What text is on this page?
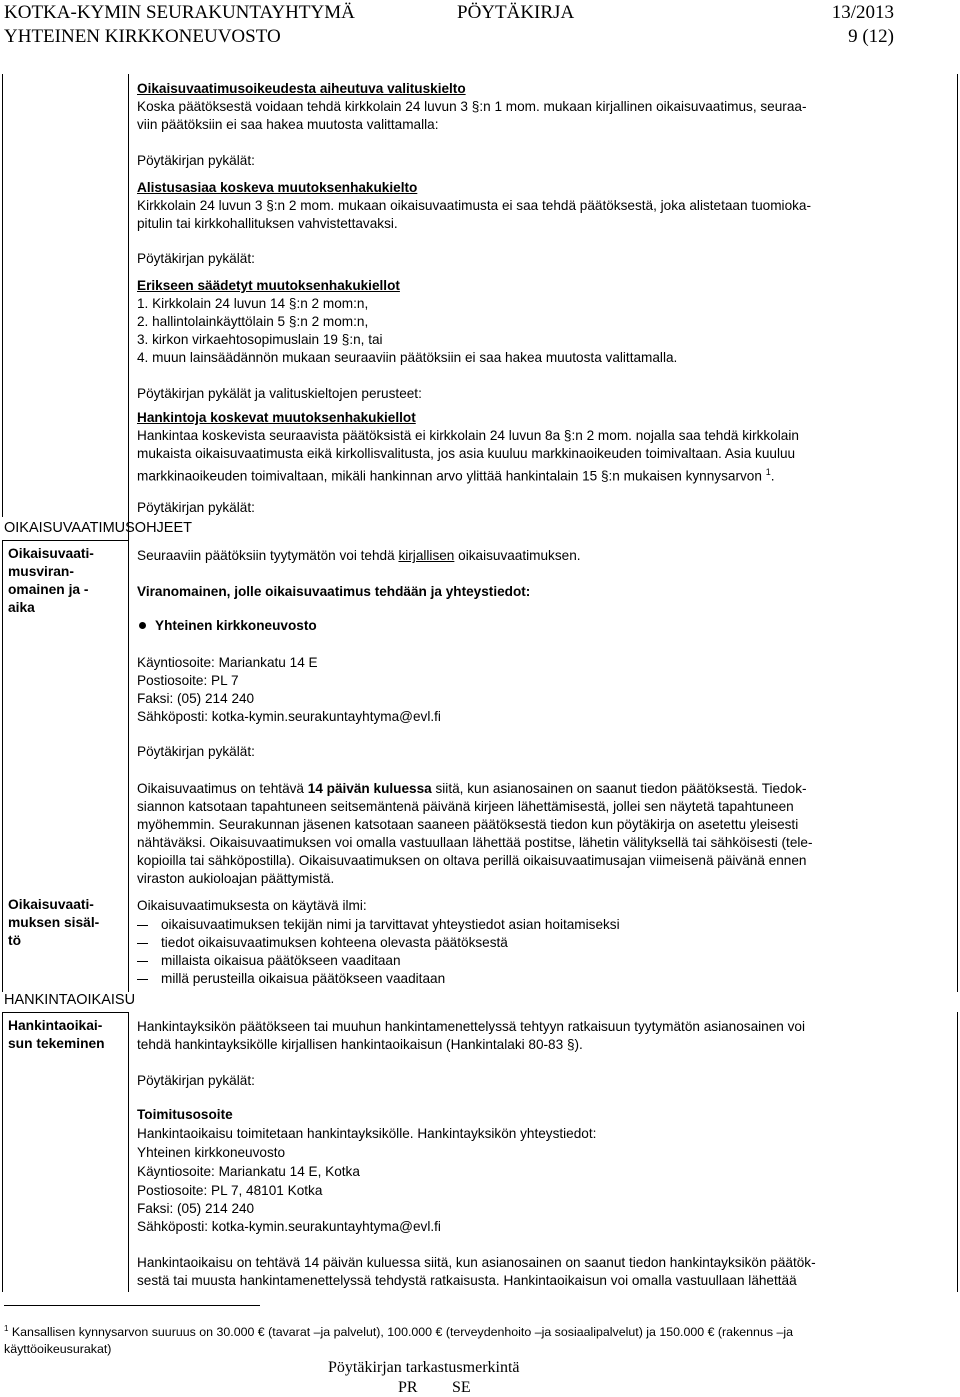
KOTKA-KYMIN SEURAKUNTAYHTYMÄ	PÖYTÄKIRJA	13/2013
YHTEINEN KIRKKONEUVOSTO	9 (12)
Oikaisuvaatimusoikeudesta aiheutuva valituskielto
Koska päätöksestä voidaan tehdä kirkkolain 24 luvun 3 §:n 1 mom. mukaan kirjallinen oikaisuvaatimus, seuraa-
viin päätöksiin ei saa hakea muutosta valittamalla:
Pöytäkirjan pykälät:
Alistusasiaa koskeva muutoksenhakukielto
Kirkkolain 24 luvun 3 §:n 2 mom. mukaan oikaisuvaatimusta ei saa tehdä päätöksestä, joka alistetaan tuomioka-
pitulin tai kirkkohallituksen vahvistettavaksi.
Pöytäkirjan pykälät:
Erikseen säädetyt muutoksenhakukiellot
1. Kirkkolain 24 luvun 14 §:n 2 mom:n,
2. hallintolainkäyttölain 5 §:n 2 mom:n,
3. kirkon virkaehtosopimuslain 19 §:n, tai
4. muun lainsäädännön mukaan seuraaviin päätöksiin ei saa hakea muutosta valittamalla.
Pöytäkirjan pykälät ja valituskieltojen perusteet:
Hankintoja koskevat muutoksenhakukiellot
Hankintaa koskevista seuraavista päätöksistä ei kirkkolain 24 luvun 8a §:n 2 mom. nojalla saa tehdä kirkkolain
mukaista oikaisuvaatimusta eikä kirkollisvalitusta, jos asia kuuluu markkinaoikeuden toimivaltaan. Asia kuuluu
markkinaoikeuden toimivaltaan, mikäli hankinnan arvo ylittää hankintalain 15 §:n mukaisen kynnysarvon $^1$.
Pöytäkirjan pykälät:
OIKAISUVAATIMUSOHJEET
Oikaisuvaati-
musviran-
omainen ja -
aika
Seuraaviin päätöksiin tyytymätön voi tehdä kirjallisen oikaisuvaatimuksen.
Viranomainen, jolle oikaisuvaatimus tehdään ja yhteystiedot:
Yhteinen kirkkoneuvosto
Käyntiosoite: Mariankatu 14 E
Postiosoite: PL 7
Faksi: (05) 214 240
Sähköposti: kotka-kymin.seurakuntayhtyma@evl.fi
Pöytäkirjan pykälät:
Oikaisuvaatimus on tehtävä 14 päivän kuluessa siitä, kun asianosainen on saanut tiedon päätöksestä. Tiedok-
siannon katsotaan tapahtuneen seitsemäntenä päivänä kirjeen lähettämisestä, jollei sen näytetä tapahtuneen
myöhemmin. Seurakunnan jäsenen katsotaan saaneen päätöksestä tiedon kun pöytäkirja on asetettu yleisesti
nähtäväksi. Oikaisuvaatimuksen voi omalla vastuullaan lähettää postitse, lähetin välityksellä tai sähköisesti (tele-
kopioilla tai sähköpostilla). Oikaisuvaatimuksen on oltava perillä oikaisuvaatimusajan viimeisenä päivänä ennen
viraston aukioloajan päättymistä.
Oikaisuvaati-
muksen sisäl-
tö
Oikaisuvaatimuksesta on käytävä ilmi:
oikaisuvaatimuksen tekijän nimi ja tarvittavat yhteystiedot asian hoitamiseksi
tiedot oikaisuvaatimuksen kohteena olevasta päätöksestä
millaista oikaisua päätökseen vaaditaan
millä perusteilla oikaisua päätökseen vaaditaan
HANKINTAOIKAISU
Hankintaoikai-
sun tekeminen
Hankintayksikön päätökseen tai muuhun hankintamenettelyssä tehtyyn ratkaisuun tyytymätön asianosainen voi
tehdä hankintayksikölle kirjallisen hankintaoikaisun (Hankintalaki 80-83 §).
Pöytäkirjan pykälät:
Toimitusosoite
Hankintaoikaisu toimitetaan hankintayksikölle. Hankintayksikön yhteystiedot:
Yhteinen kirkkoneuvosto
Käyntiosoite: Mariankatu 14 E, Kotka
Postiosoite: PL 7, 48101 Kotka
Faksi: (05) 214 240
Sähköposti: kotka-kymin.seurakuntayhtyma@evl.fi
Hankintaoikaisu on tehtävä 14 päivän kuluessa siitä, kun asianosainen on saanut tiedon hankintayksikön päätök-
sestä tai muusta hankintamenettelyssä tehdystä ratkaisusta. Hankintaoikaisun voi omalla vastuullaan lähettää
$^1$ Kansallisen kynnysarvon suuruus on 30.000 € (tavarat –ja palvelut), 100.000 € (terveydenhoito –ja sosiaalipalvelut) ja 150.000 € (rakennus –ja
käyttöoikeusurakat)
Pöytäkirjan tarkastusmerkintä
PR SE
